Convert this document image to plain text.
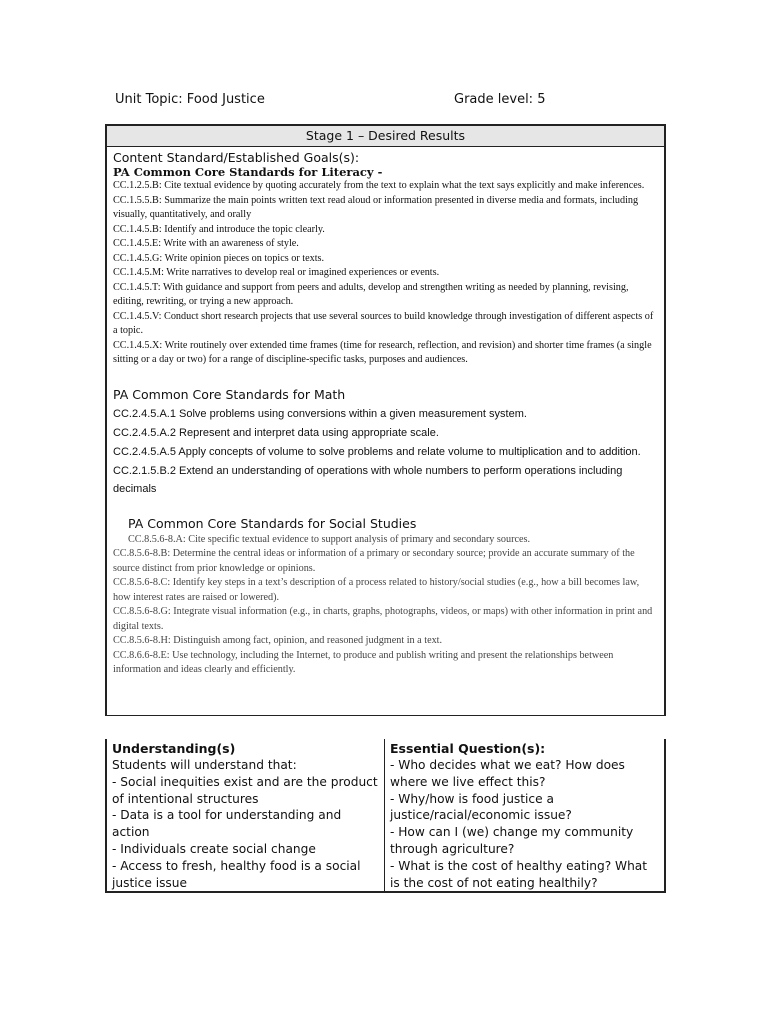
Unit Topic: Food Justice	Grade level: 5
Stage 1 – Desired Results
Content Standard/Established Goals(s):
PA Common Core Standards for Literacy -

CC.1.2.5.B: Cite textual evidence by quoting accurately from the text to explain what the text says explicitly and make inferences.

CC.1.5.5.B: Summarize the main points written text read aloud or information presented in diverse media and formats, including visually, quantitatively, and orally

CC.1.4.5.B: Identify and introduce the topic clearly.

CC.1.4.5.E: Write with an awareness of style.

CC.1.4.5.G: Write opinion pieces on topics or texts.

CC.1.4.5.M: Write narratives to develop real or imagined experiences or events.

CC.1.4.5.T: With guidance and support from peers and adults, develop and strengthen writing as needed by planning, revising, editing, rewriting, or trying a new approach.

CC.1.4.5.V: Conduct short research projects that use several sources to build knowledge through investigation of different aspects of a topic.

CC.1.4.5.X: Write routinely over extended time frames (time for research, reflection, and revision) and shorter time frames (a single sitting or a day or two) for a range of discipline-specific tasks, purposes and audiences.

PA Common Core Standards for Math

CC.2.4.5.A.1 Solve problems using conversions within a given measurement system.

CC.2.4.5.A.2 Represent and interpret data using appropriate scale.

CC.2.4.5.A.5 Apply concepts of volume to solve problems and relate volume to multiplication and to addition.

CC.2.1.5.B.2 Extend an understanding of operations with whole numbers to perform operations including decimals

PA Common Core Standards for Social Studies

CC.8.5.6-8.A: Cite specific textual evidence to support analysis of primary and secondary sources.

CC.8.5.6-8.B: Determine the central ideas or information of a primary or secondary source; provide an accurate summary of the source distinct from prior knowledge or opinions.

CC.8.5.6-8.C: Identify key steps in a text’s description of a process related to history/social studies (e.g., how a bill becomes law, how interest rates are raised or lowered).

CC.8.5.6-8.G: Integrate visual information (e.g., in charts, graphs, photographs, videos, or maps) with other information in print and digital texts.

CC.8.5.6-8.H: Distinguish among fact, opinion, and reasoned judgment in a text.

CC.8.6.6-8.E: Use technology, including the Internet, to produce and publish writing and present the relationships between information and ideas clearly and efficiently.

Understanding(s)

Students will understand that:

- Social inequities exist and are the product of intentional structures

- Data is a tool for understanding and action

- Individuals create social change

- Access to fresh, healthy food is a social justice issue

Essential Question(s):

- Who decides what we eat? How does where we live effect this?

- Why/how is food justice a justice/racial/economic issue?

- How can I (we) change my community through agriculture?

- What is the cost of healthy eating? What is the cost of not eating healthily?
